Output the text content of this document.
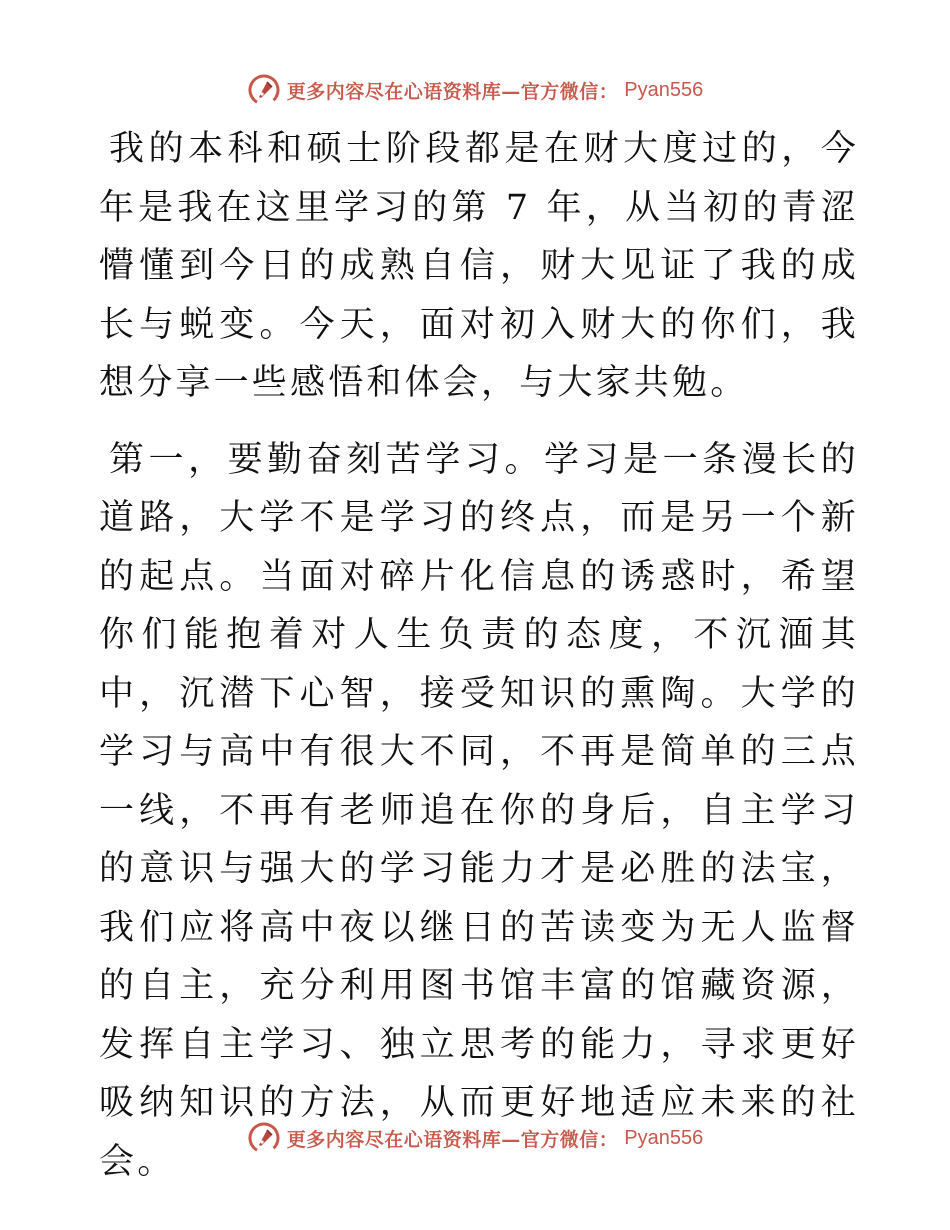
更多内容尽在心语资料库—官方微信： Pyan556

我的本科和硕士阶段都是在财大度过的，今年是我在这里学习的第 7 年，从当初的青涩懵懂到今日的成熟自信，财大见证了我的成长与蜕变。今天，面对初入财大的你们，我想分享一些感悟和体会，与大家共勉。

第一，要勤奋刻苦学习。学习是一条漫长的道路，大学不是学习的终点，而是另一个新的起点。当面对碎片化信息的诱惑时，希望你们能抱着对人生负责的态度，不沉湎其中，沉潜下心智，接受知识的熏陶。大学的学习与高中有很大不同，不再是简单的三点一线，不再有老师追在你的身后，自主学习的意识与强大的学习能力才是必胜的法宝，我们应将高中夜以继日的苦读变为无人监督的自主，充分利用图书馆丰富的馆藏资源，发挥自主学习、独立思考的能力，寻求更好吸纳知识的方法，从而更好地适应未来的社会。

更多内容尽在心语资料库—官方微信： Pyan556
